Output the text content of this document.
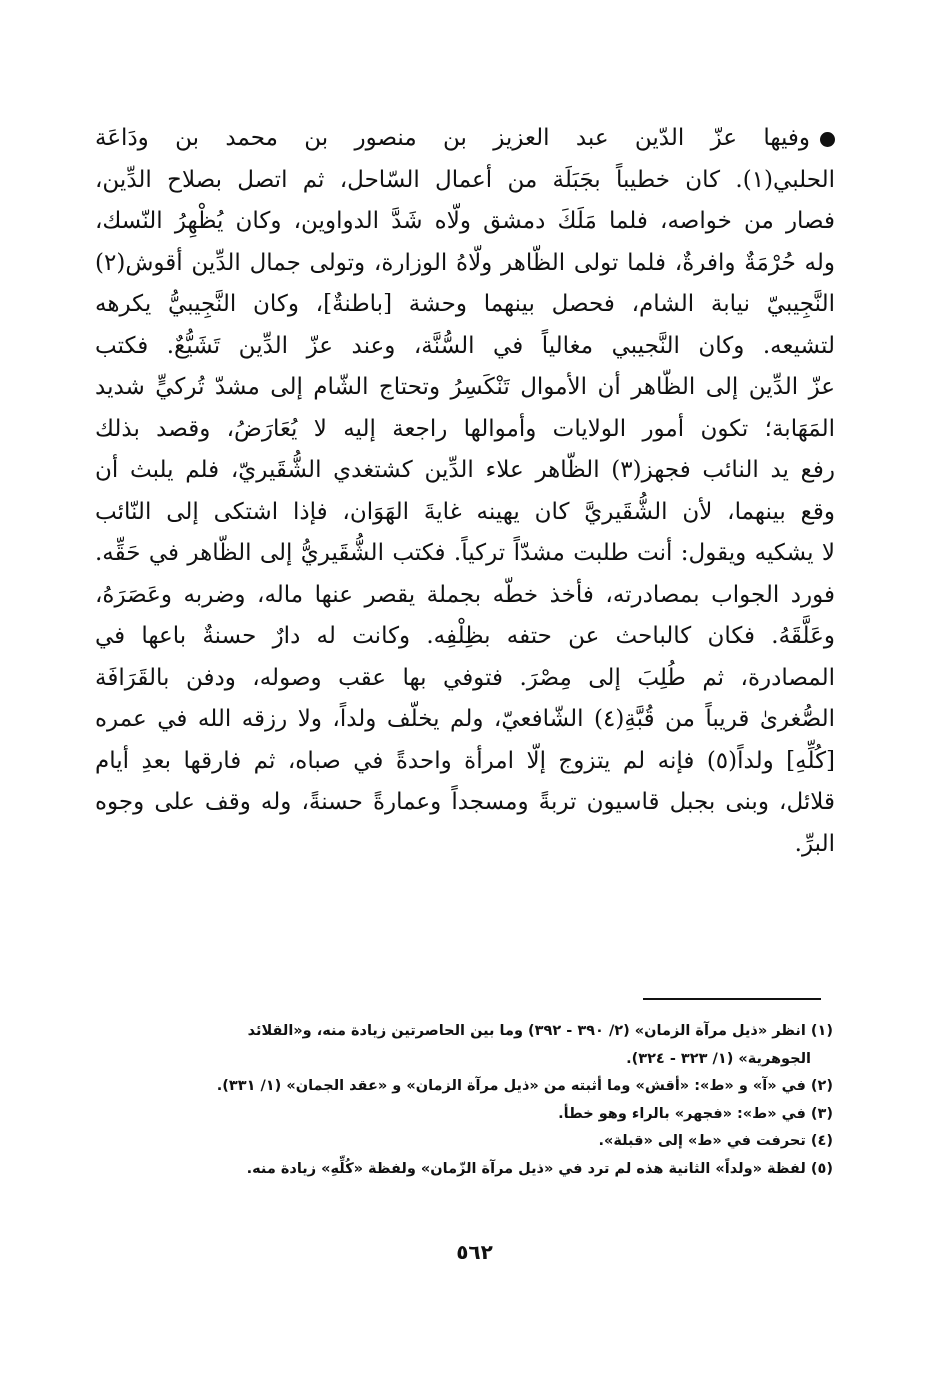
وفيها عزّ الدّين عبد العزيز بن منصور بن محمد بن ودَاعَة
الحلبي(١). كان خطيباً بجَبَلَة من أعمال السّاحل، ثم اتصل بصلاح الدِّين،
فصار من خواصه، فلما مَلَكَ دمشق ولّاه شَدَّ الدواوين، وكان يُظْهِرُ النّسك،
وله حُرْمَةٌ وافرةٌ، فلما تولى الظّاهر ولّاهُ الوزارة، وتولى جمال الدِّين أقوش(٢)
النَّجِيبيّ نيابة الشام، فحصل بينهما وحشة [باطنةٌ]، وكان النَّجِيبيُّ يكرهه
لتشيعه. وكان النَّجيبي مغالياً في السُّنَّة، وعند عزّ الدِّين تَشَيُّعٌ. فكتب
عزّ الدِّين إلى الظّاهر أن الأموال تَنْكَسِرُ وتحتاج الشّام إلى مشدّ تُركيٍّ شديد
المَهَابة؛ تكون أمور الولايات وأموالها راجعة إليه لا يُعَارَضُ، وقصد بذلك
رفع يد النائب فجهز(٣) الظّاهر علاء الدِّين كشتغدي الشُّقَيريّ، فلم يلبث أن
وقع بينهما، لأن الشُّقَيريَّ كان يهينه غايةَ الهَوَان، فإذا اشتكى إلى النّائب
لا يشكيه ويقول: أنت طلبت مشدّاً تركياً. فكتب الشُّقَيريُّ إلى الظّاهر في حَقِّه.
فورد الجواب بمصادرته، فأخذ خطّه بجملة يقصر عنها ماله، وضربه وعَصَرَهُ،
وعَلَّقَهُ. فكان كالباحث عن حتفه بظِلْفِه. وكانت له دارٌ حسنةٌ باعها في
المصادرة، ثم طُلِبَ إلى مِصْرَ. فتوفي بها عقب وصوله، ودفن بالقَرَافَة
الصُّغرىٰ قريباً من قُبَّةِ(٤) الشّافعيّ، ولم يخلّف ولداً، ولا رزقه الله في عمره
[كُلِّهِ] ولداً(٥) فإنه لم يتزوج إلّا امرأة واحدةً في صباه، ثم فارقها بعدِ أيام
قلائل، وبنى بجبل قاسيون تربةً ومسجداً وعمارةً حسنةً، وله وقف على وجوه
البرِّ.
(١) انظر «ذيل مرآة الزمان» (٢/ ٣٩٠ - ٣٩٢) وما بين الحاصرتين زيادة منه، و«القلائد
الجوهرية» (١/ ٣٢٣ - ٣٢٤).
(٢) في «آ» و «ط»: «أقش» وما أثبته من «ذيل مرآة الزمان» و «عقد الجمان» (١/ ٣٣١).
(٣) في «ط»: «فجهر» بالراء وهو خطأ.
(٤) تحرفت في «ط» إلى «قبلة».
(٥) لفظة «ولداً» الثانية هذه لم ترد في «ذيل مرآة الزّمان» ولفظة «كُلِّهِ» زيادة منه.
٥٦٢
